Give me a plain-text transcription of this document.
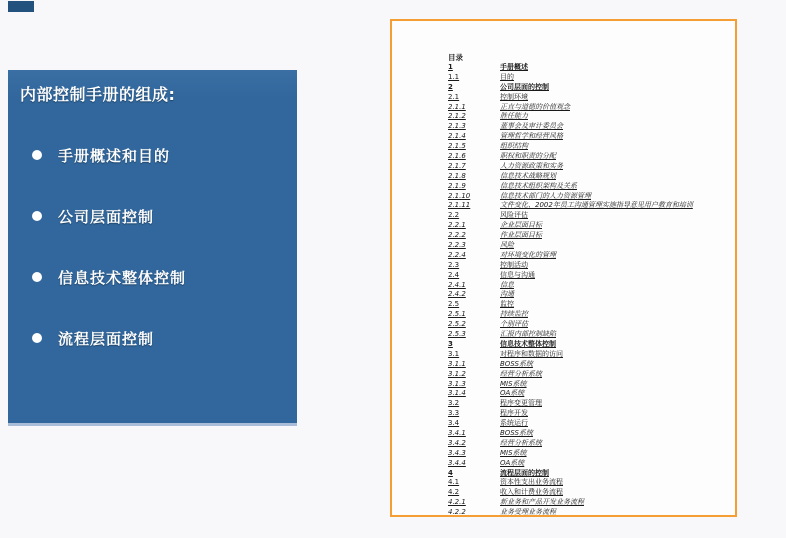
内部控制手册的组成:
手册概述和目的
公司层面控制
信息技术整体控制
流程层面控制
目录
1	手册概述
1.1	目的
2	公司层面的控制
2.1	控制环境
2.1.1	正直与道德的价值观念
2.1.2	胜任能力
2.1.3	董事会及审计委员会
2.1.4	管理哲学和经营风格
2.1.5	组织结构
2.1.6	职权和职责的分配
2.1.7	人力资源政策和实务
2.1.8	信息技术战略规划
2.1.9	信息技术组织架构及关系
2.1.10	信息技术部门的人力资源管理
2.1.11	文件变化、2002年员工沟通管理实施指导意见用户教育和培训
2.2	风险评估
2.2.1	企业层面目标
2.2.2	作业层面目标
2.2.3	风险
2.2.4	对环境变化的管理
2.3	控制活动
2.4	信息与沟通
2.4.1	信息
2.4.2	沟通
2.5	监控
2.5.1	持续监控
2.5.2	个别评估
2.5.3	汇报内部控制缺陷
3	信息技术整体控制
3.1	对程序和数据的访问
3.1.1	BOSS系统
3.1.2	经营分析系统
3.1.3	MIS系统
3.1.4	OA系统
3.2	程序变更管理
3.3	程序开发
3.4	系统运行
3.4.1	BOSS系统
3.4.2	经营分析系统
3.4.3	MIS系统
3.4.4	OA系统
4	流程层面的控制
4.1	资本性支出业务流程
4.2	收入和计费业务流程
4.2.1	新业务和产品开发业务流程
4.2.2	业务受理业务流程
